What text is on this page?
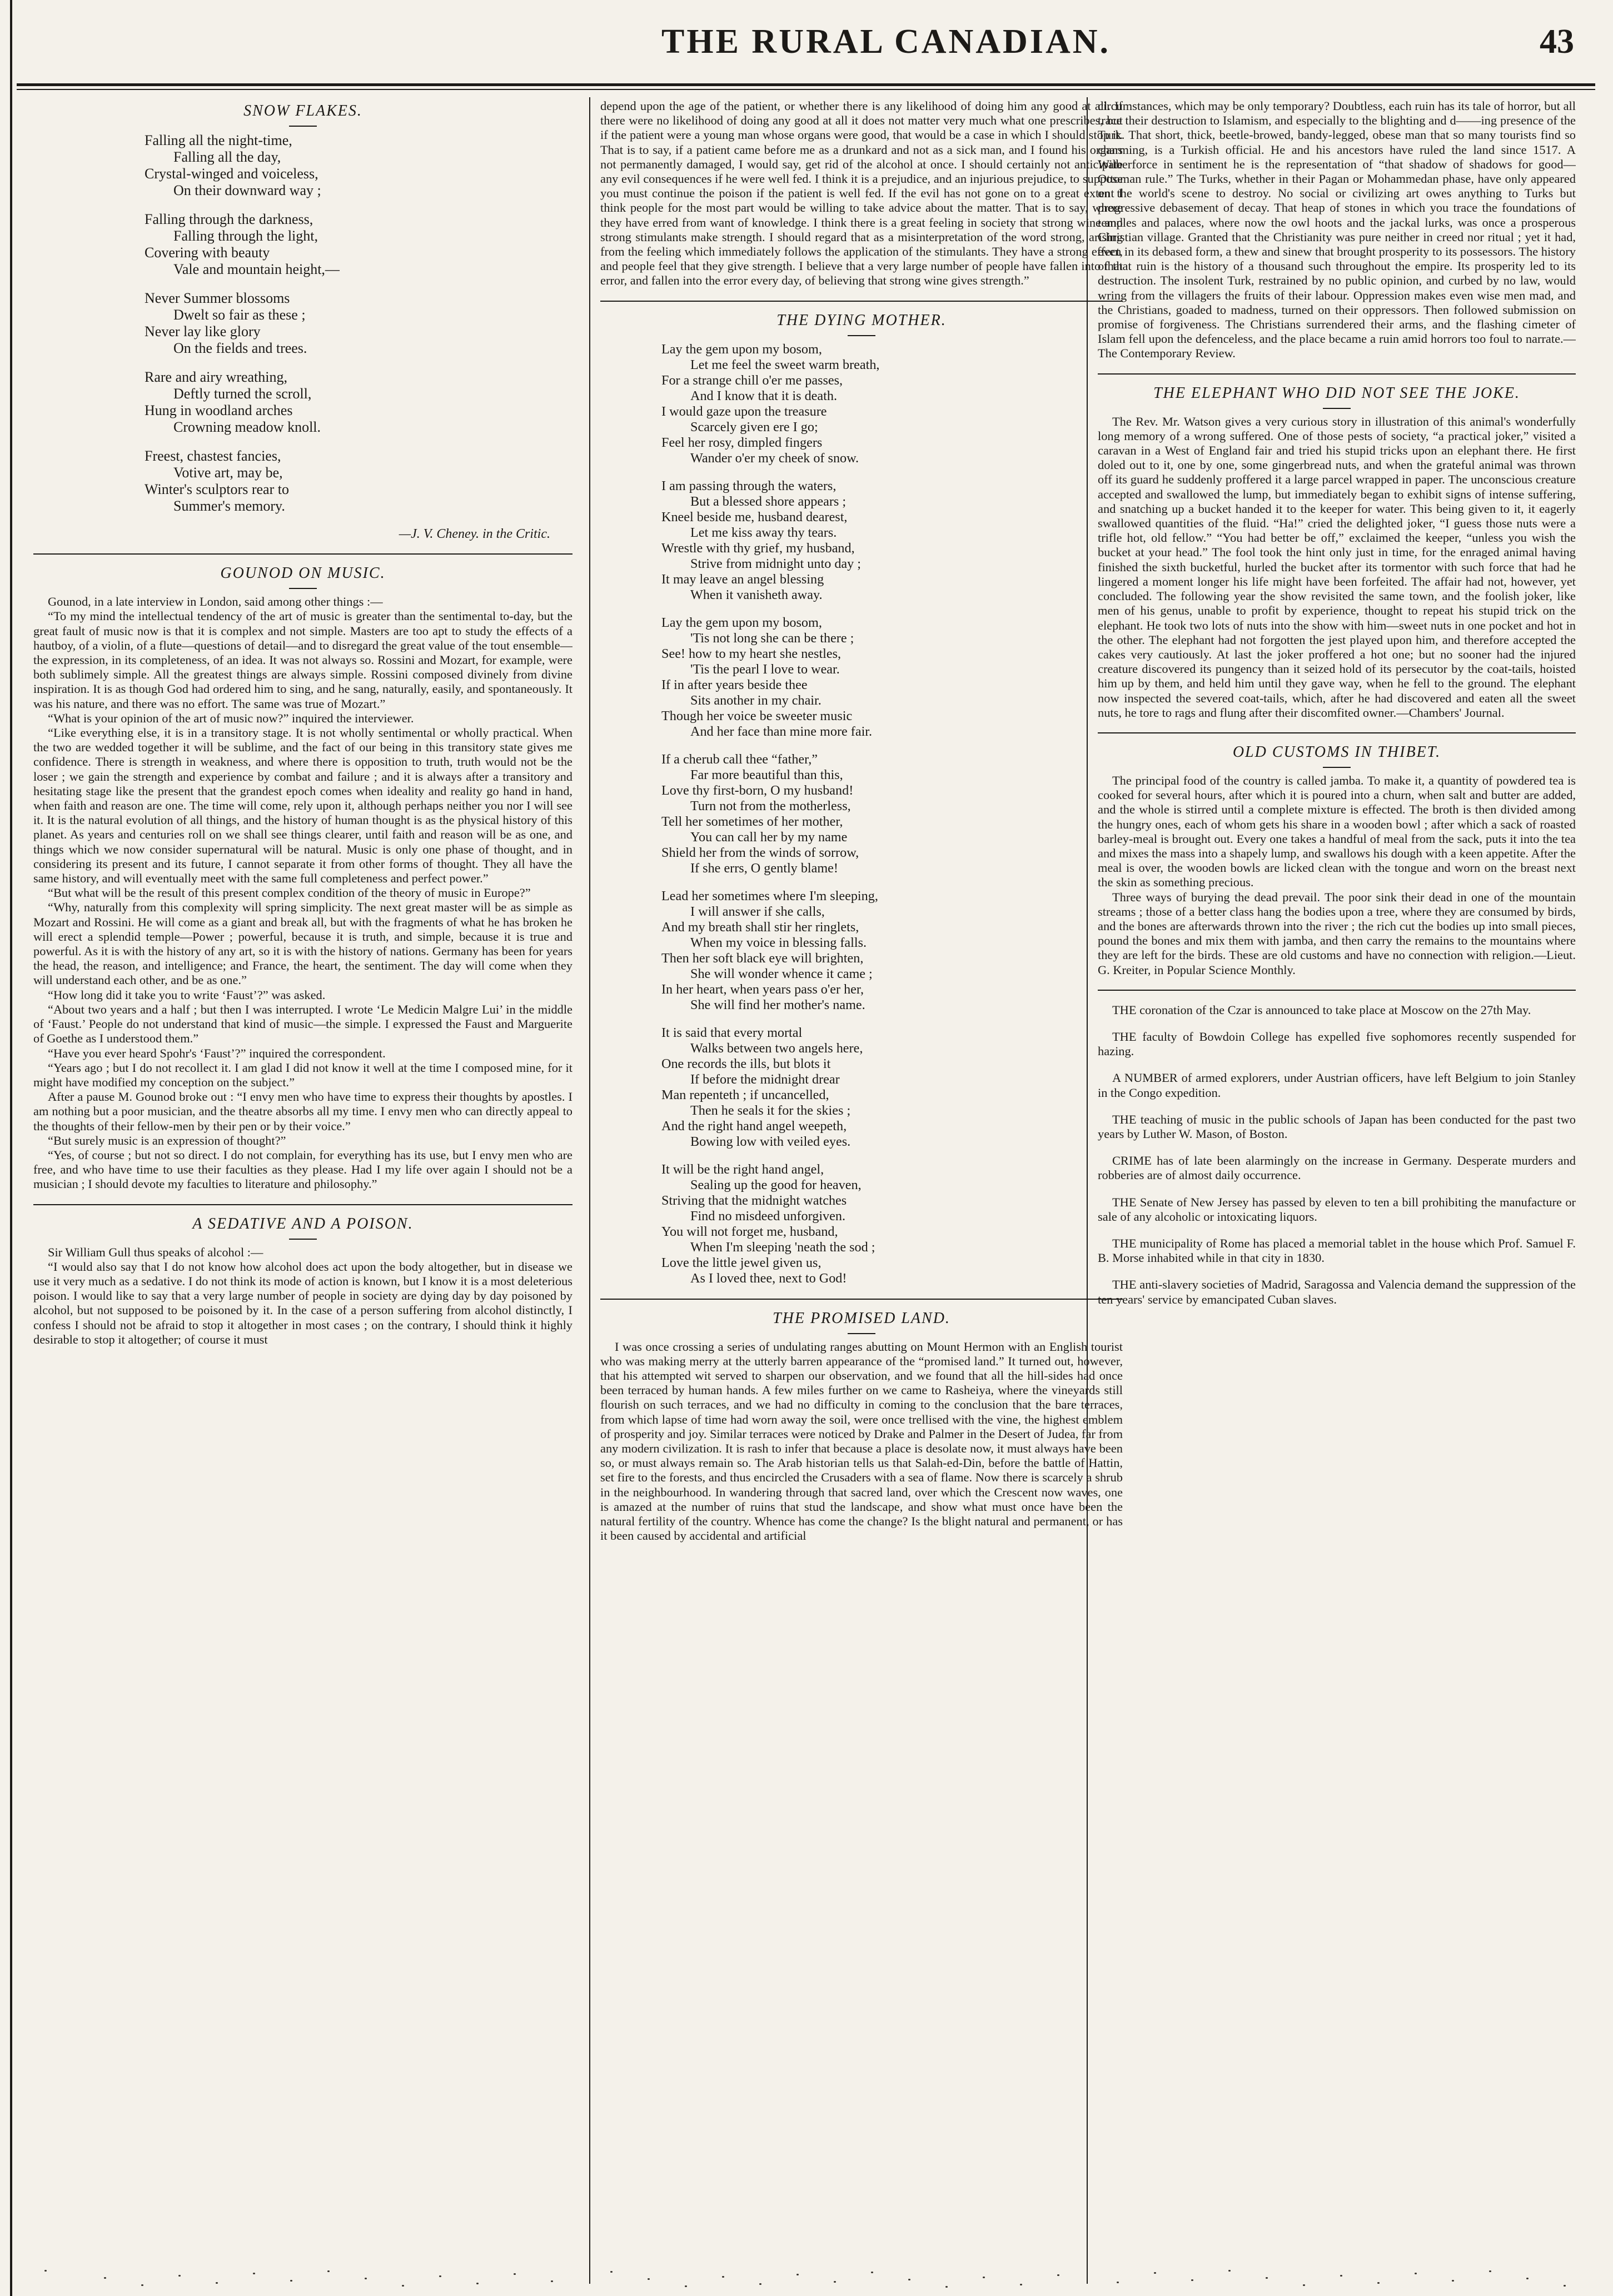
THE RURAL CANADIAN.	43
SNOW FLAKES.
Falling all the night-time,
Falling all the day,
Crystal-winged and voiceless,
On their downward way ;
Falling through the darkness,
Falling through the light,
Covering with beauty
Vale and mountain height,—
Never Summer blossoms
Dwelt so fair as these ;
Never lay like glory
On the fields and trees.
Rare and airy wreathing,
Deftly turned the scroll,
Hung in woodland arches
Crowning meadow knoll.
Freest, chastest fancies,
Votive art, may be,
Winter's sculptors rear to
Summer's memory.
—J. V. Cheney. in the Critic.
GOUNOD ON MUSIC.

Gounod, in a late interview in London, said among other things :—

“To my mind the intellectual tendency of the art of music is greater than the sentimental to-day, but the great fault of music now is that it is complex and not simple. Masters are too apt to study the effects of a hautboy, of a violin, of a flute—questions of detail—and to disregard the great value of the tout ensemble—the expression, in its completeness, of an idea. It was not always so. Rossini and Mozart, for example, were both sublimely simple. All the greatest things are always simple. Rossini composed divinely from divine inspiration. It is as though God had ordered him to sing, and he sang, naturally, easily, and spontaneously. It was his nature, and there was no effort. The same was true of Mozart.”

“What is your opinion of the art of music now?” inquired the interviewer.

“Like everything else, it is in a transitory stage. It is not wholly sentimental or wholly practical. When the two are wedded together it will be sublime, and the fact of our being in this transitory state gives me confidence. There is strength in weakness, and where there is opposition to truth, truth would not be the loser ; we gain the strength and experience by combat and failure ; and it is always after a transitory and hesitating stage like the present that the grandest epoch comes when ideality and reality go hand in hand, when faith and reason are one. The time will come, rely upon it, although perhaps neither you nor I will see it. It is the natural evolution of all things, and the history of human thought is as the physical history of this planet. As years and centuries roll on we shall see things clearer, until faith and reason will be as one, and things which we now consider supernatural will be natural. Music is only one phase of thought, and in considering its present and its future, I cannot separate it from other forms of thought. They all have the same history, and will eventually meet with the same full completeness and perfect power.”

“But what will be the result of this present complex condition of the theory of music in Europe?”

“Why, naturally from this complexity will spring simplicity. The next great master will be as simple as Mozart and Rossini. He will come as a giant and break all, but with the fragments of what he has broken he will erect a splendid temple—Power ; powerful, because it is truth, and simple, because it is true and powerful. As it is with the history of any art, so it is with the history of nations. Germany has been for years the head, the reason, and intelligence; and France, the heart, the sentiment. The day will come when they will understand each other, and be as one.”

“How long did it take you to write ‘Faust’?” was asked.

“About two years and a half ; but then I was interrupted. I wrote ‘Le Medicin Malgre Lui’ in the middle of ‘Faust.’ People do not understand that kind of music—the simple. I expressed the Faust and Marguerite of Goethe as I understood them.”

“Have you ever heard Spohr's ‘Faust’?” inquired the correspondent.

“Years ago ; but I do not recollect it. I am glad I did not know it well at the time I composed mine, for it might have modified my conception on the subject.”

After a pause M. Gounod broke out : “I envy men who have time to express their thoughts by apostles. I am nothing but a poor musician, and the theatre absorbs all my time. I envy men who can directly appeal to the thoughts of their fellow-men by their pen or by their voice.”

“But surely music is an expression of thought?”

“Yes, of course ; but not so direct. I do not complain, for everything has its use, but I envy men who are free, and who have time to use their faculties as they please. Had I my life over again I should not be a musician ; I should devote my faculties to literature and philosophy.”

A SEDATIVE AND A POISON.

Sir William Gull thus speaks of alcohol :—

“I would also say that I do not know how alcohol does act upon the body altogether, but in disease we use it very much as a sedative. I do not think its mode of action is known, but I know it is a most deleterious poison. I would like to say that a very large number of people in society are dying day by day poisoned by alcohol, but not supposed to be poisoned by it. In the case of a person suffering from alcohol distinctly, I confess I should not be afraid to stop it altogether in most cases ; on the contrary, I should think it highly desirable to stop it altogether; of course it must

depend upon the age of the patient, or whether there is any likelihood of doing him any good at all. If there were no likelihood of doing any good at all it does not matter very much what one prescribes, but if the patient were a young man whose organs were good, that would be a case in which I should stop it. That is to say, if a patient came before me as a drunkard and not as a sick man, and I found his organs not permanently damaged, I would say, get rid of the alcohol at once. I should certainly not anticipate any evil consequences if he were well fed. I think it is a prejudice, and an injurious prejudice, to suppose you must continue the poison if the patient is well fed. If the evil has not gone on to a great extent I think people for the most part would be willing to take advice about the matter. That is to say, where they have erred from want of knowledge. I think there is a great feeling in society that strong wine and strong stimulants make strength. I should regard that as a misinterpretation of the word strong, arising from the feeling which immediately follows the application of the stimulants. They have a strong effect, and people feel that they give strength. I believe that a very large number of people have fallen into that error, and fallen into the error every day, of believing that strong wine gives strength.”

THE DYING MOTHER.
Lay the gem upon my bosom,
Let me feel the sweet warm breath,
For a strange chill o'er me passes,
And I know that it is death.
I would gaze upon the treasure
Scarcely given ere I go;
Feel her rosy, dimpled fingers
Wander o'er my cheek of snow.
I am passing through the waters,
But a blessed shore appears ;
Kneel beside me, husband dearest,
Let me kiss away thy tears.
Wrestle with thy grief, my husband,
Strive from midnight unto day ;
It may leave an angel blessing
When it vanisheth away.
Lay the gem upon my bosom,
'Tis not long she can be there ;
See! how to my heart she nestles,
'Tis the pearl I love to wear.
If in after years beside thee
Sits another in my chair.
Though her voice be sweeter music
And her face than mine more fair.
If a cherub call thee “father,”
Far more beautiful than this,
Love thy first-born, O my husband!
Turn not from the motherless,
Tell her sometimes of her mother,
You can call her by my name
Shield her from the winds of sorrow,
If she errs, O gently blame!
Lead her sometimes where I'm sleeping,
I will answer if she calls,
And my breath shall stir her ringlets,
When my voice in blessing falls.
Then her soft black eye will brighten,
She will wonder whence it came ;
In her heart, when years pass o'er her,
She will find her mother's name.
It is said that every mortal
Walks between two angels here,
One records the ills, but blots it
If before the midnight drear
Man repenteth ; if uncancelled,
Then he seals it for the skies ;
And the right hand angel weepeth,
Bowing low with veiled eyes.
It will be the right hand angel,
Sealing up the good for heaven,
Striving that the midnight watches
Find no misdeed unforgiven.
You will not forget me, husband,
When I'm sleeping 'neath the sod ;
Love the little jewel given us,
As I loved thee, next to God!
THE PROMISED LAND.

I was once crossing a series of undulating ranges abutting on Mount Hermon with an English tourist who was making merry at the utterly barren appearance of the “promised land.” It turned out, however, that his attempted wit served to sharpen our observation, and we found that all the hill-sides had once been terraced by human hands. A few miles further on we came to Rasheiya, where the vineyards still flourish on such terraces, and we had no difficulty in coming to the conclusion that the bare terraces, from which lapse of time had worn away the soil, were once trellised with the vine, the highest emblem of prosperity and joy. Similar terraces were noticed by Drake and Palmer in the Desert of Judea, far from any modern civilization. It is rash to infer that because a place is desolate now, it must always have been so, or must always remain so. The Arab historian tells us that Salah-ed-Din, before the battle of Hattin, set fire to the forests, and thus encircled the Crusaders with a sea of flame. Now there is scarcely a shrub in the neighbourhood. In wandering through that sacred land, over which the Crescent now waves, one is amazed at the number of ruins that stud the landscape, and show what must once have been the natural fertility of the country. Whence has come the change? Is the blight natural and permanent, or has it been caused by accidental and artificial

circumstances, which may be only temporary? Doubtless, each ruin has its tale of horror, but all trace their destruction to Islamism, and especially to the blighting and d——ing presence of the Turk. That short, thick, beetle-browed, bandy-legged, obese man that so many tourists find so charming, is a Turkish official. He and his ancestors have ruled the land since 1517. A Wilberforce in sentiment he is the representation of “that shadow of shadows for good—Ottoman rule.” The Turks, whether in their Pagan or Mohammedan phase, have only appeared on the world's scene to destroy. No social or civilizing art owes anything to Turks but progressive debasement of decay. That heap of stones in which you trace the foundations of temples and palaces, where now the owl hoots and the jackal lurks, was once a prosperous Christian village. Granted that the Christianity was pure neither in creed nor ritual ; yet it had, even in its debased form, a thew and sinew that brought prosperity to its possessors. The history of that ruin is the history of a thousand such throughout the empire. Its prosperity led to its destruction. The insolent Turk, restrained by no public opinion, and curbed by no law, would wring from the villagers the fruits of their labour. Oppression makes even wise men mad, and the Christians, goaded to madness, turned on their oppressors. Then followed submission on promise of forgiveness. The Christians surrendered their arms, and the flashing cimeter of Islam fell upon the defenceless, and the place became a ruin amid horrors too foul to narrate.—The Contemporary Review.

THE ELEPHANT WHO DID NOT SEE THE JOKE.

The Rev. Mr. Watson gives a very curious story in illustration of this animal's wonderfully long memory of a wrong suffered. One of those pests of society, “a practical joker,” visited a caravan in a West of England fair and tried his stupid tricks upon an elephant there. He first doled out to it, one by one, some gingerbread nuts, and when the grateful animal was thrown off its guard he suddenly proffered it a large parcel wrapped in paper. The unconscious creature accepted and swallowed the lump, but immediately began to exhibit signs of intense suffering, and snatching up a bucket handed it to the keeper for water. This being given to it, it eagerly swallowed quantities of the fluid. “Ha!” cried the delighted joker, “I guess those nuts were a trifle hot, old fellow.” “You had better be off,” exclaimed the keeper, “unless you wish the bucket at your head.” The fool took the hint only just in time, for the enraged animal having finished the sixth bucketful, hurled the bucket after its tormentor with such force that had he lingered a moment longer his life might have been forfeited. The affair had not, however, yet concluded. The following year the show revisited the same town, and the foolish joker, like men of his genus, unable to profit by experience, thought to repeat his stupid trick on the elephant. He took two lots of nuts into the show with him—sweet nuts in one pocket and hot in the other. The elephant had not forgotten the jest played upon him, and therefore accepted the cakes very cautiously. At last the joker proffered a hot one; but no sooner had the injured creature discovered its pungency than it seized hold of its persecutor by the coat-tails, hoisted him up by them, and held him until they gave way, when he fell to the ground. The elephant now inspected the severed coat-tails, which, after he had discovered and eaten all the sweet nuts, he tore to rags and flung after their discomfited owner.—Chambers' Journal.

OLD CUSTOMS IN THIBET.

The principal food of the country is called jamba. To make it, a quantity of powdered tea is cooked for several hours, after which it is poured into a churn, when salt and butter are added, and the whole is stirred until a complete mixture is effected. The broth is then divided among the hungry ones, each of whom gets his share in a wooden bowl ; after which a sack of roasted barley-meal is brought out. Every one takes a handful of meal from the sack, puts it into the tea and mixes the mass into a shapely lump, and swallows his dough with a keen appetite. After the meal is over, the wooden bowls are licked clean with the tongue and worn on the breast next the skin as something precious.

Three ways of burying the dead prevail. The poor sink their dead in one of the mountain streams ; those of a better class hang the bodies upon a tree, where they are consumed by birds, and the bones are afterwards thrown into the river ; the rich cut the bodies up into small pieces, pound the bones and mix them with jamba, and then carry the remains to the mountains where they are left for the birds. These are old customs and have no connection with religion.—Lieut. G. Kreiter, in Popular Science Monthly.

THE coronation of the Czar is announced to take place at Moscow on the 27th May.

THE faculty of Bowdoin College has expelled five sophomores recently suspended for hazing.

A NUMBER of armed explorers, under Austrian officers, have left Belgium to join Stanley in the Congo expedition.

THE teaching of music in the public schools of Japan has been conducted for the past two years by Luther W. Mason, of Boston.

CRIME has of late been alarmingly on the increase in Germany. Desperate murders and robberies are of almost daily occurrence.

THE Senate of New Jersey has passed by eleven to ten a bill prohibiting the manufacture or sale of any alcoholic or intoxicating liquors.

THE municipality of Rome has placed a memorial tablet in the house which Prof. Samuel F. B. Morse inhabited while in that city in 1830.

THE anti-slavery societies of Madrid, Saragossa and Valencia demand the suppression of the ten years' service by emancipated Cuban slaves.
